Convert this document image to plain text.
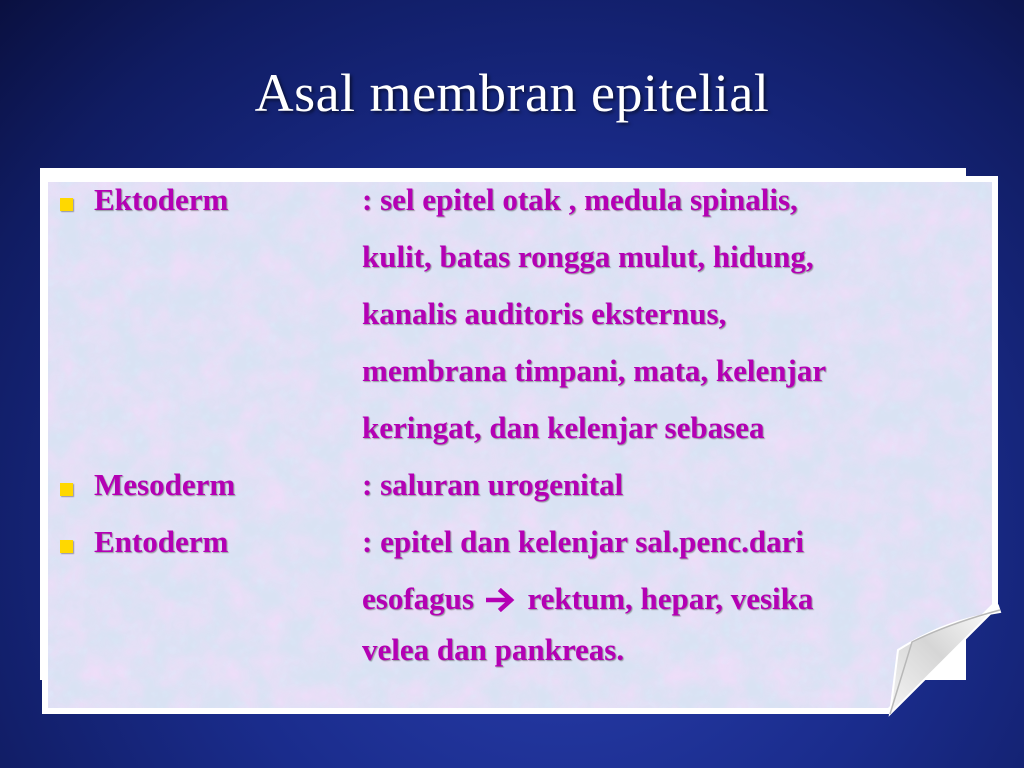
Asal membran epitelial
Ektoderm	: sel epitel otak , medula spinalis,
kulit, batas rongga mulut, hidung,
kanalis auditoris eksternus,
membrana timpani, mata, kelenjar
keringat, dan kelenjar sebasea
Mesoderm	: saluran urogenital
Entoderm	: epitel dan kelenjar sal.penc.dari
esofagus rektum, hepar, vesika
velea dan pankreas.
